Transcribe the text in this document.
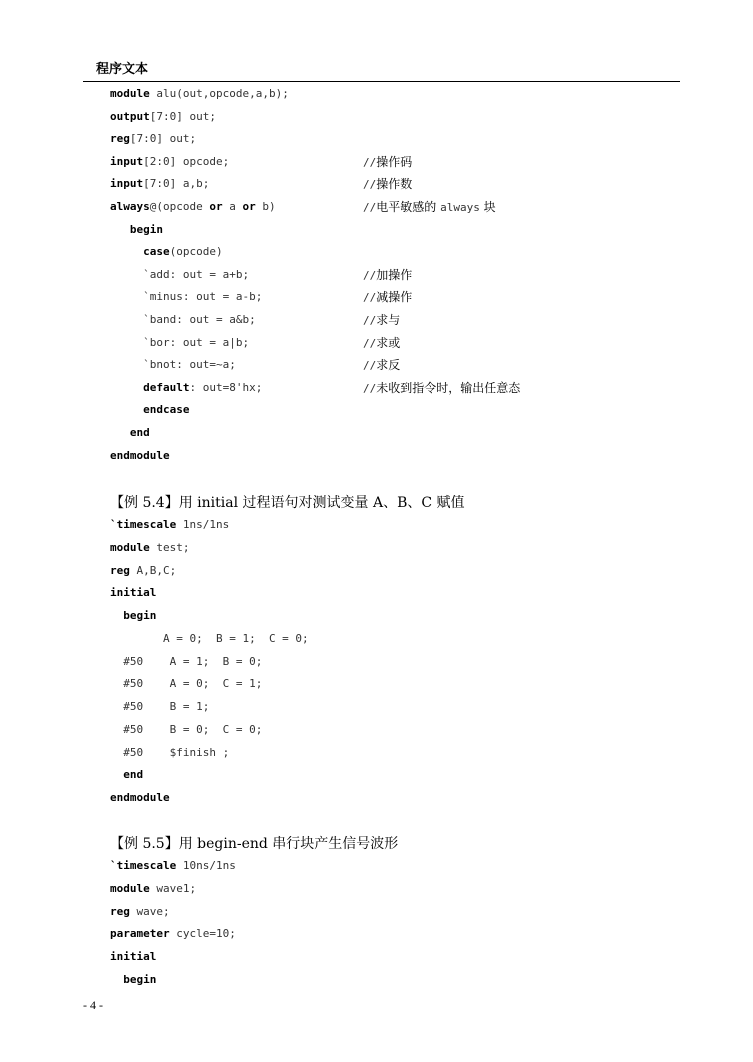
程序文本
module alu(out,opcode,a,b);
output[7:0] out;
reg[7:0] out;
input[2:0] opcode;
input[7:0] a,b;
always@(opcode or a or b)
begin
case(opcode)
`add: out = a+b;
`minus: out = a-b;
`band: out = a&b;
`bor: out = a|b;
`bnot: out=~a;
default: out=8'hx;
endcase
end
endmodule
//操作码
//操作数
//电平敏感的 always 块
//加操作
//减操作
//求与
//求或
//求反
//未收到指令时，输出任意态
【例 5.4】用 initial 过程语句对测试变量 A、B、C 赋值
`timescale 1ns/1ns
module test;
reg A,B,C;
initial
begin
A = 0;  B = 1;  C = 0;
#50    A = 1;  B = 0;
#50    A = 0;  C = 1;
#50    B = 1;
#50    B = 0;  C = 0;
#50    $finish ;
end
endmodule
【例 5.5】用 begin-end 串行块产生信号波形
`timescale 10ns/1ns
module wave1;
reg wave;
parameter cycle=10;
initial
begin
- 4 -
